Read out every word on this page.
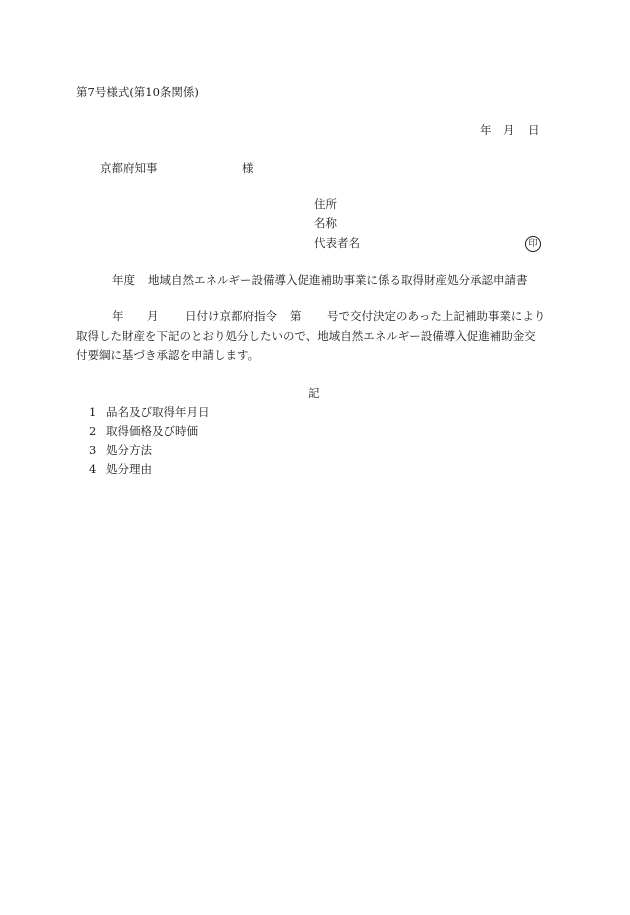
第7号様式(第10条関係)
年 月 日
京都府知事	様
住所
名称
代表者名	印
年度 地域自然エネルギー設備導入促進補助事業に係る取得財産処分承認申請書
年 月 日付け京都府指令 第 号で交付決定のあった上記補助事業により
取得した財産を下記のとおり処分したいので、地域自然エネルギー設備導入促進補助金交
付要綱に基づき承認を申請します。
記
1 品名及び取得年月日
2 取得価格及び時価
3 処分方法
4 処分理由
